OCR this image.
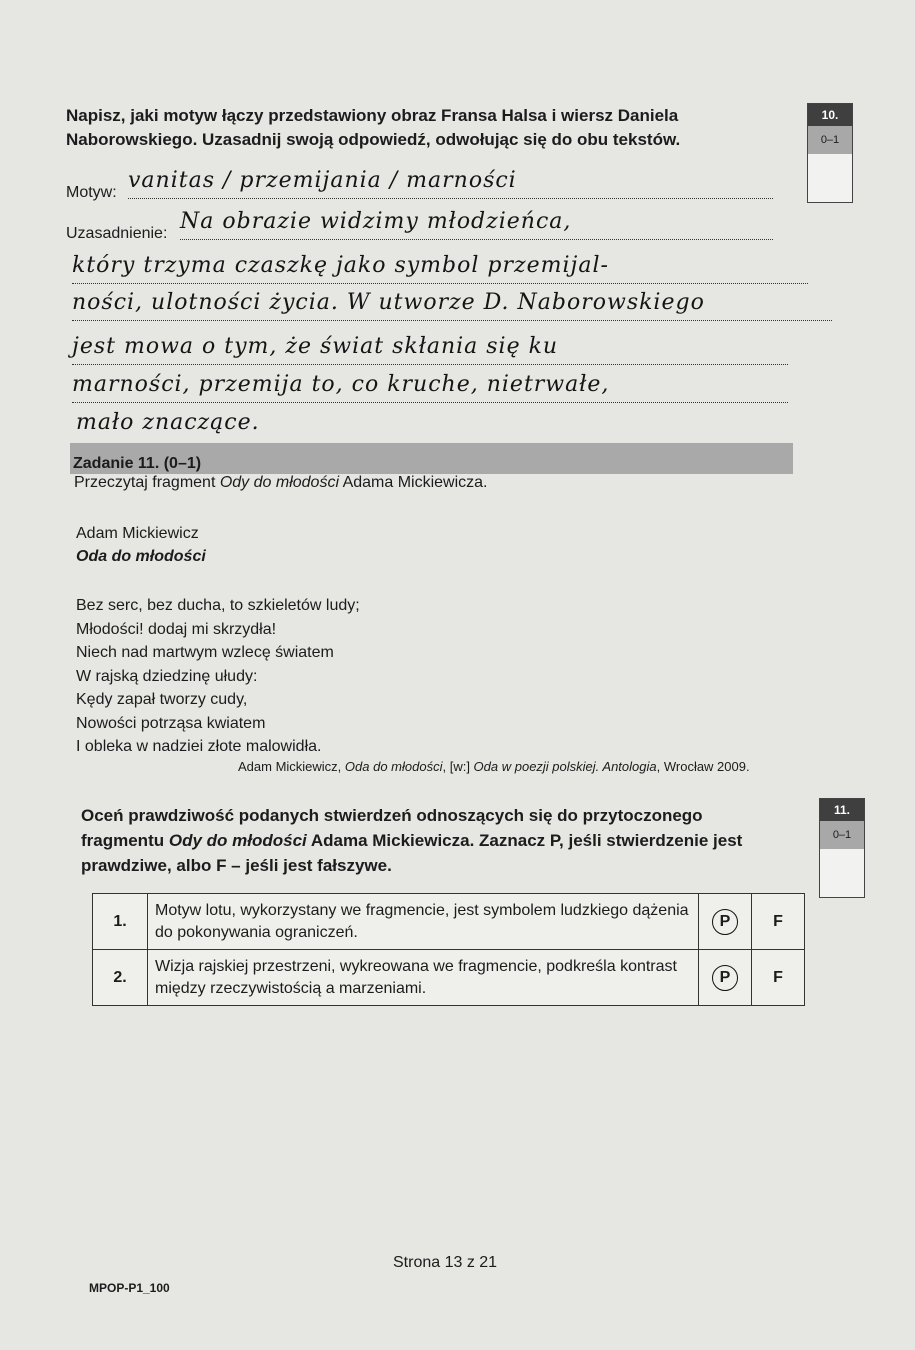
Napisz, jaki motyw łączy przedstawiony obraz Fransa Halsa i wiersz Daniela
Naborowskiego. Uzasadnij swoją odpowiedź, odwołując się do obu tekstów.
10.
0–1
Motyw: vanitas / przemijania / marności
Uzasadnienie: Na obrazie widzimy młodzieńca,
który trzyma czaszkę jako symbol przemijal-
ności, ulotności życia. W utworze D. Naborowskiego
jest mowa o tym, że świat skłania się ku
marności, przemija to, co kruche, nietrwałe,
mało znaczące.
Zadanie 11. (0–1)
Przeczytaj fragment Ody do młodości Adama Mickiewicza.
Adam Mickiewicz
Oda do młodości
Bez serc, bez ducha, to szkieletów ludy;
Młodości! dodaj mi skrzydła!
Niech nad martwym wzlecę światem
W rajską dziedzinę ułudy:
Kędy zapał tworzy cudy,
Nowości potrząsa kwiatem
I obleka w nadziei złote malowidła.
Adam Mickiewicz, Oda do młodości, [w:] Oda w poezji polskiej. Antologia, Wrocław 2009.
Oceń prawdziwość podanych stwierdzeń odnoszących się do przytoczonego
fragmentu Ody do młodości Adama Mickiewicza. Zaznacz P, jeśli stwierdzenie jest
prawdziwe, albo F – jeśli jest fałszywe.
11.
0–1
1.	Motyw lotu, wykorzystany we fragmencie, jest symbolem ludzkiego dążenia do pokonywania ograniczeń.	P	F
2.	Wizja rajskiej przestrzeni, wykreowana we fragmencie, podkreśla kontrast między rzeczywistością a marzeniami.	P	F
Strona 13 z 21
MPOP-P1_100
